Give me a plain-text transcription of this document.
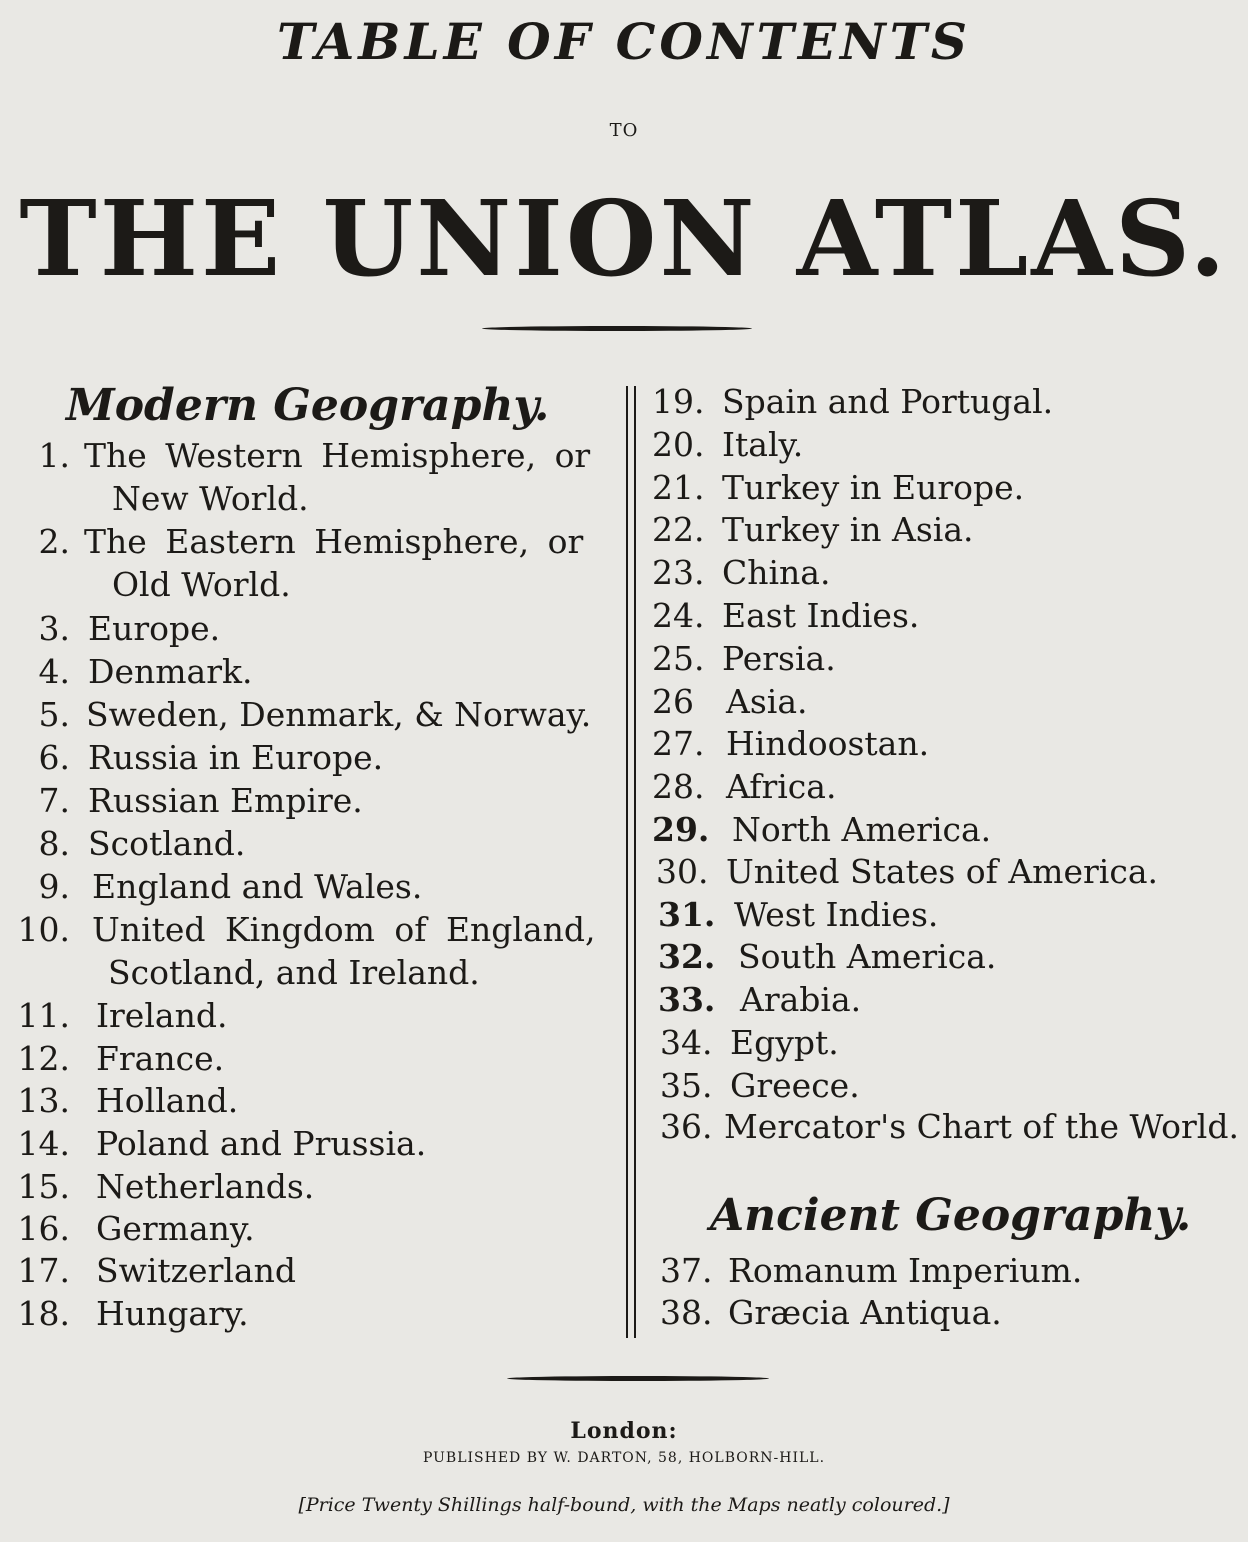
TABLE OF CONTENTS
TO
THE UNION ATLAS.
Modern Geography.
1. The Western Hemisphere, or
New World.
2. The Eastern Hemisphere, or
Old World.
3. Europe.
4. Denmark.
5. Sweden, Denmark, & Norway.
6. Russia in Europe.
7. Russian Empire.
8. Scotland.
9. England and Wales.
10. United Kingdom of England,
Scotland, and Ireland.
11. Ireland.
12. France.
13. Holland.
14. Poland and Prussia.
15. Netherlands.
16. Germany.
17. Switzerland
18. Hungary.
19. Spain and Portugal.
20. Italy.
21. Turkey in Europe.
22. Turkey in Asia.
23. China.
24. East Indies.
25. Persia.
26 Asia.
27. Hindoostan.
28. Africa.
29. North America.
30. United States of America.
31. West Indies.
32. South America.
33. Arabia.
34. Egypt.
35. Greece.
36. Mercator's Chart of the World.
Ancient Geography.
37. Romanum Imperium.
38. Græcia Antiqua.
London:
PUBLISHED BY W. DARTON, 58, HOLBORN-HILL.
[Price Twenty Shillings half-bound, with the Maps neatly coloured.]
